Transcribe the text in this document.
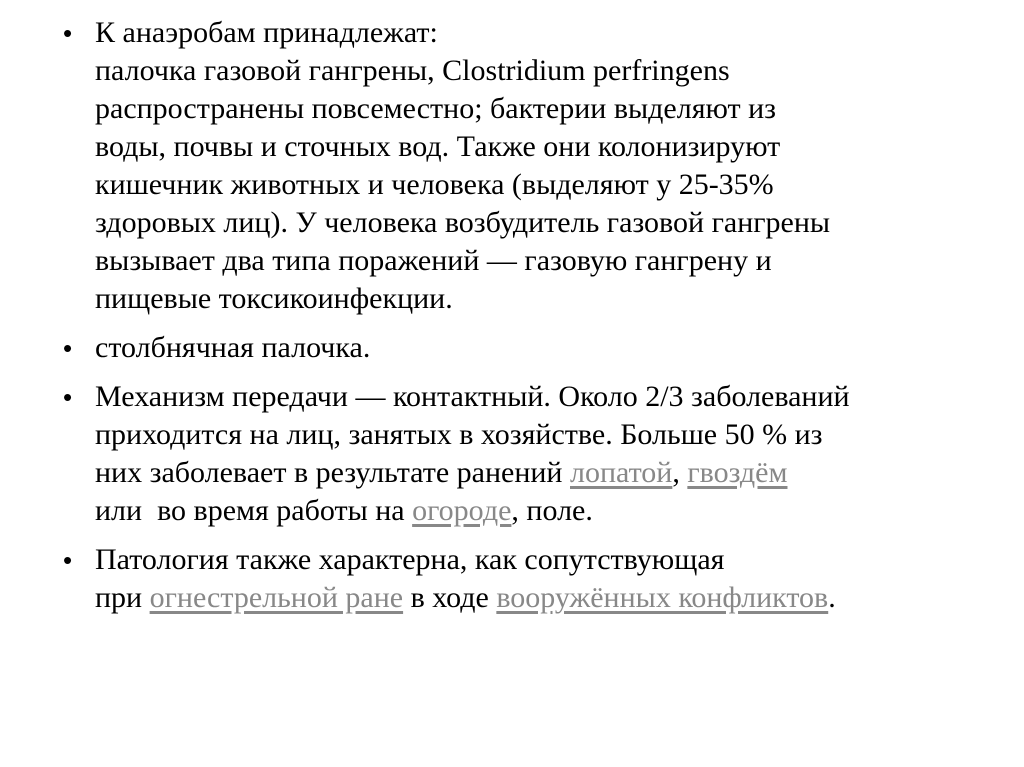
• К анаэробам принадлежат:
палочка газовой гангрены, Clostridium perfringens
распространены повсеместно; бактерии выделяют из
воды, почвы и сточных вод. Также они колонизируют
кишечник животных и человека (выделяют у 25-35%
здоровых лиц). У человека возбудитель газовой гангрены
вызывает два типа поражений — газовую гангрену и
пищевые токсикоинфекции.
• столбнячная палочка.
• Механизм передачи — контактный. Около 2/3 заболеваний
приходится на лиц, занятых в хозяйстве. Больше 50 % из
них заболевает в результате ранений лопатой, гвоздём
или  во время работы на огороде, поле.
• Патология также характерна, как сопутствующая
при огнестрельной ране в ходе вооружённых конфликтов.
